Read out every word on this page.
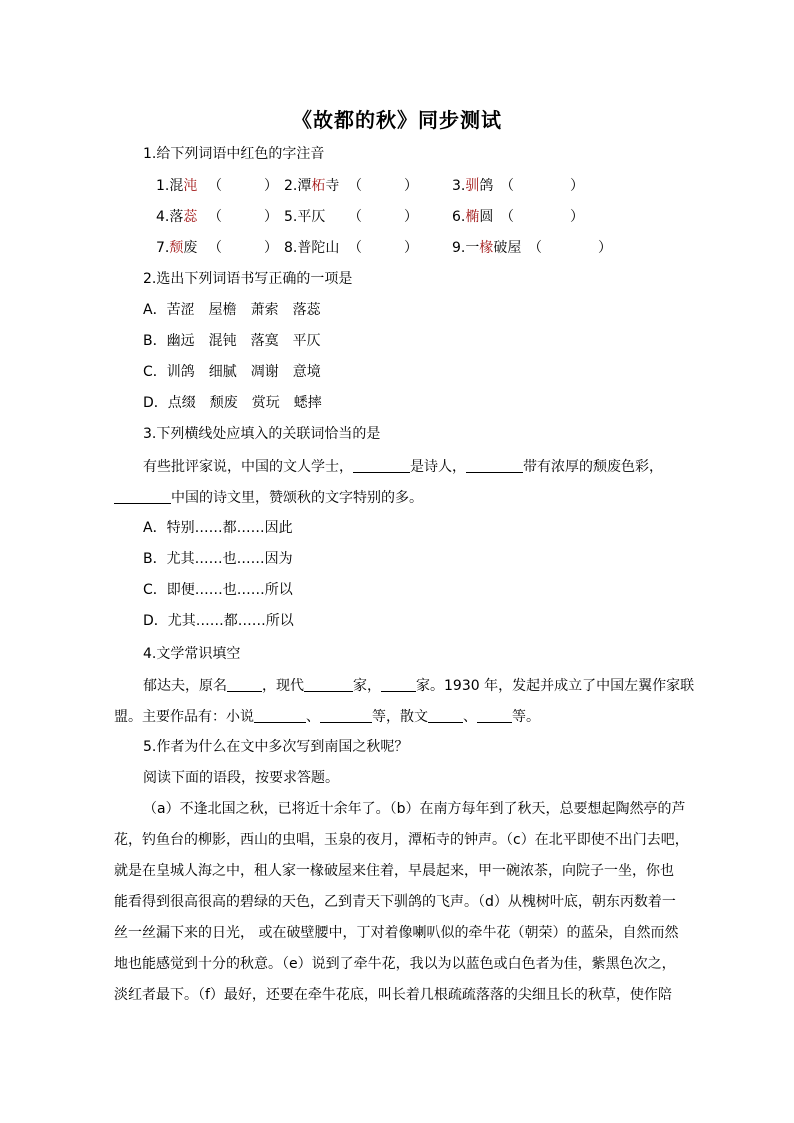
《故都的秋》同步测试
1.给下列词语中红色的字注音
1.混沌 （　　　） 2.潭柘寺 （　　　） 3.驯鸽 （　　　　）
4.落蕊 （　　　） 5.平仄 （　　　） 6.椭圆 （　　　　）
7.颓废 （　　　） 8.普陀山 （　　　） 9.一椽破屋 （　　　　）
2.选出下列词语书写正确的一项是
A．苦涩　屋檐　萧索　落蕊
B．幽远　混钝　落寞　平仄
C．训鸽　细腻　凋谢　意境
D．点缀　颓废　赏玩　蟋摔
3.下列横线处应填入的关联词恰当的是
有些批评家说，中国的文人学士，	是诗人，	带有浓厚的颓废色彩，
中国的诗文里，赞颂秋的文字特别的多。
A．特别……都……因此
B．尤其……也……因为
C．即便……也……所以
D．尤其……都……所以
4.文学常识填空
郁达夫，原名	，现代	家，	家。1930 年，发起并成立了中国左翼作家联
盟。主要作品有：小说	、	等，散文	、	等。
5.作者为什么在文中多次写到南国之秋呢？
阅读下面的语段，按要求答题。
（a）不逢北国之秋，已将近十余年了。（b）在南方每年到了秋天，总要想起陶然亭的芦
花，钓鱼台的柳影，西山的虫唱，玉泉的夜月，潭柘寺的钟声。（c）在北平即使不出门去吧，
就是在皇城人海之中，租人家一椽破屋来住着，早晨起来，甲一碗浓茶，向院子一坐，你也
能看得到很高很高的碧绿的天色，乙到青天下驯鸽的飞声。（d）从槐树叶底，朝东丙数着一
丝一丝漏下来的日光， 或在破壁腰中，丁对着像喇叭似的牵牛花（朝荣）的蓝朵，自然而然
地也能感觉到十分的秋意。（e）说到了牵牛花，我以为以蓝色或白色者为佳，紫黑色次之，
淡红者最下。（f）最好，还要在牵牛花底，叫长着几根疏疏落落的尖细且长的秋草，使作陪
